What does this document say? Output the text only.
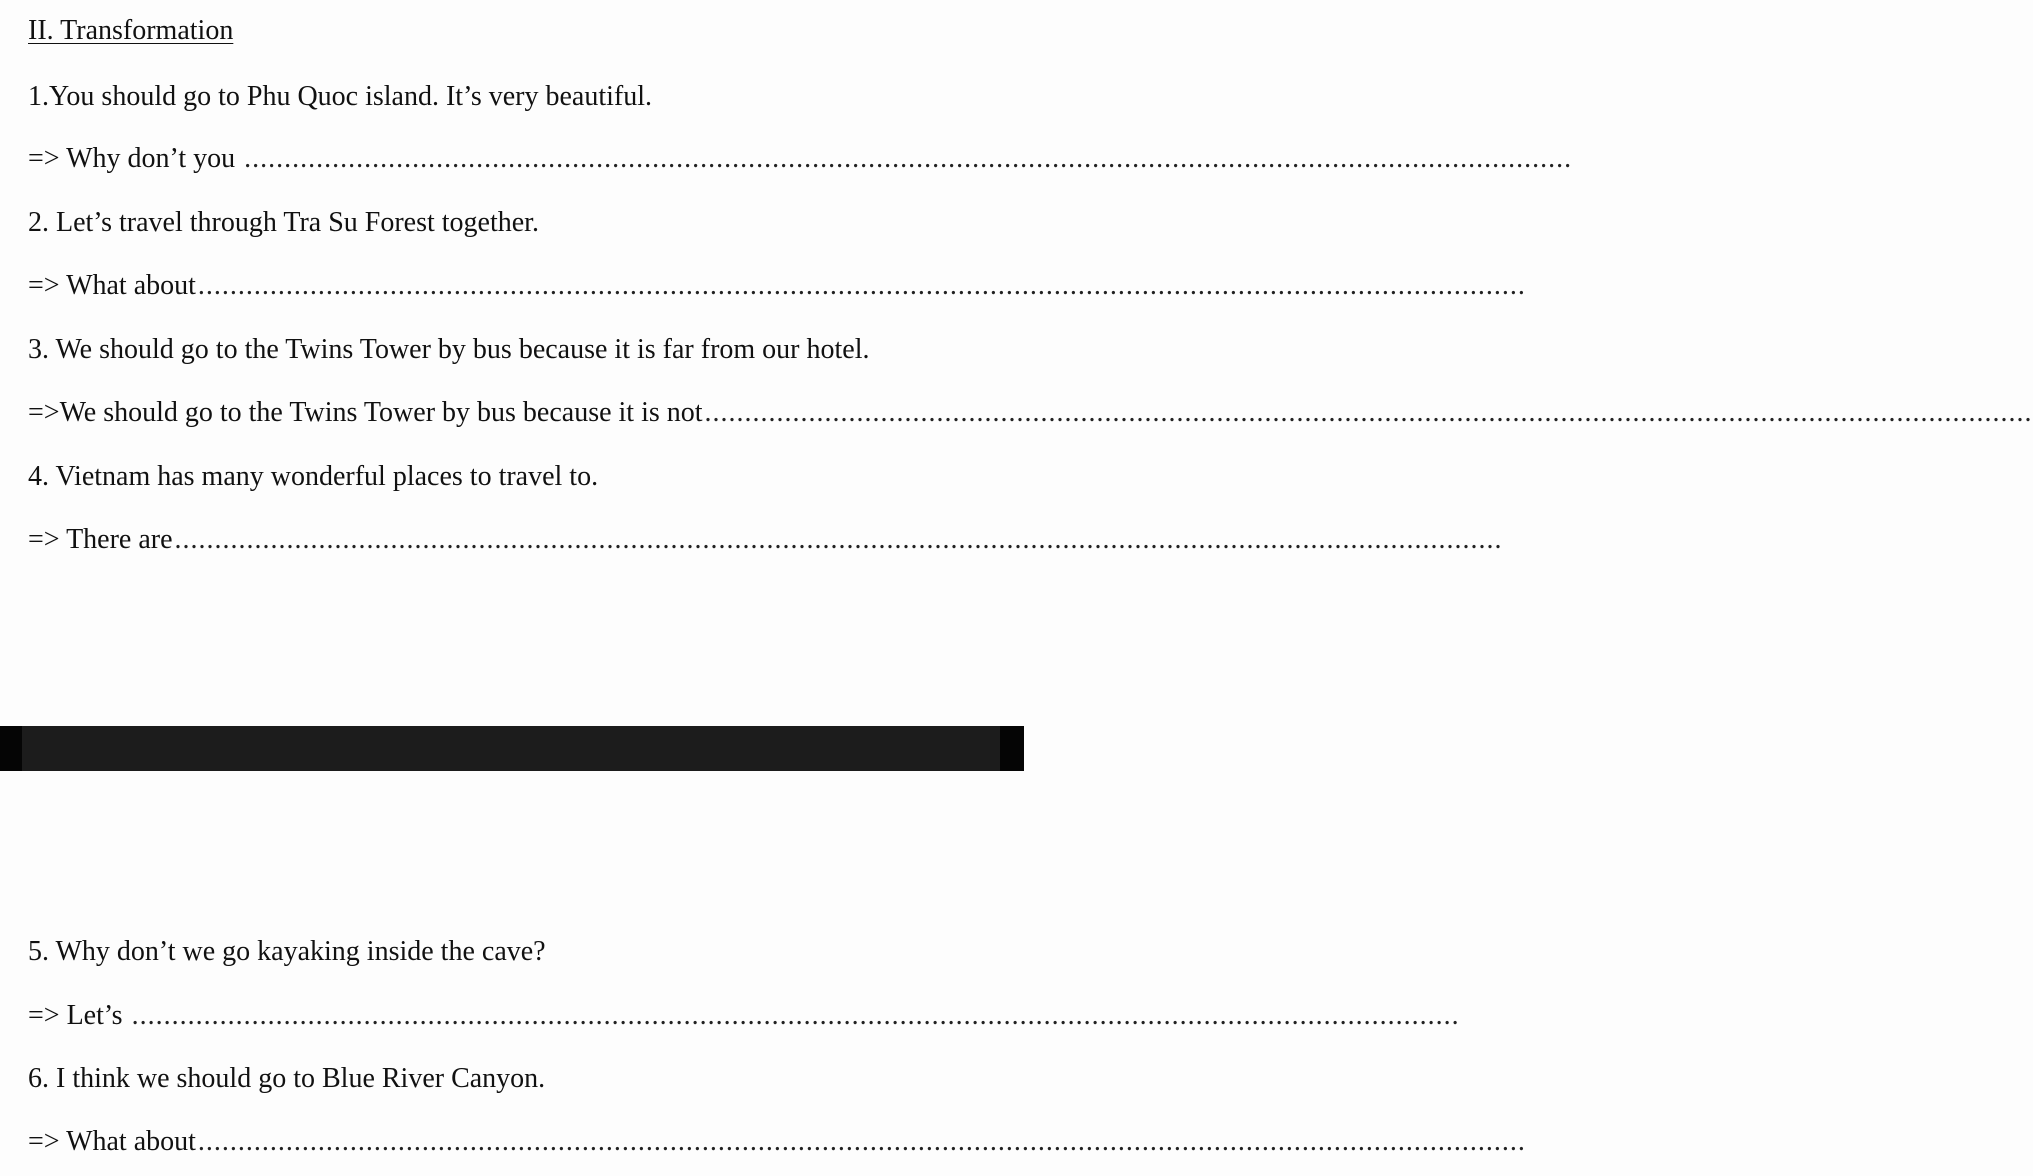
II. Transformation
1.You should go to Phu Quoc island. It’s very beautiful.
=> Why don’t you ......................................................................................................................................................................
2. Let’s travel through Tra Su Forest together.
=> What about ......................................................................................................................................................................
3. We should go to the Twins Tower by bus because it is far from our hotel.
=>We should go to the Twins Tower by bus because it is not ......................................................................................................................................................................
4. Vietnam has many wonderful places to travel to.
=> There are ......................................................................................................................................................................
5. Why don’t we go kayaking inside the cave?
=> Let’s ......................................................................................................................................................................
6. I think we should go to Blue River Canyon.
=> What about ......................................................................................................................................................................
